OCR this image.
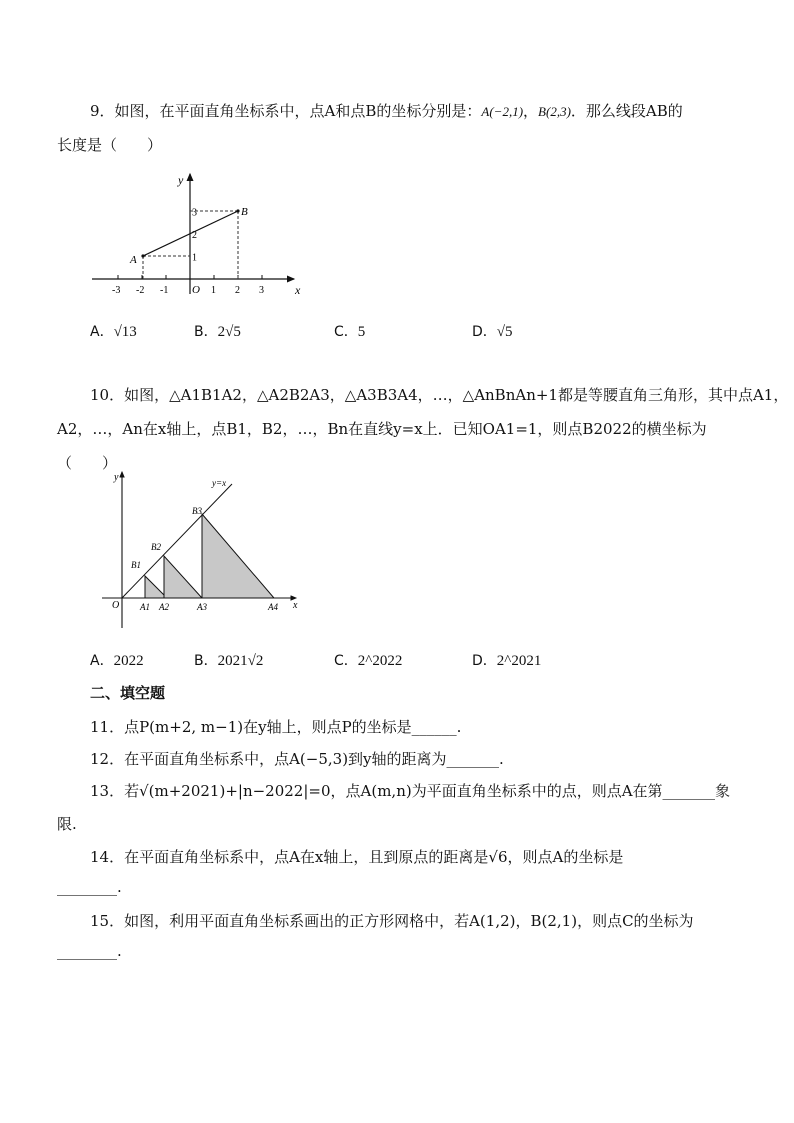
9．如图，在平面直角坐标系中，点A和点B的坐标分别是：A(−2,1)，B(2,3)．那么线段AB的
长度是（　　）
-3 -2 -1	1 2 3
1
2
3
A
B
y
x
O
A．√13	B．2√5	C．5	D．√5
10．如图，△A1B1A2，△A2B2A3，△A3B3A4，…，△AnBnAn+1都是等腰直角三角形，其中点A1，
A2，…，An在x轴上，点B1，B2，…，Bn在直线y=x上．已知OA1=1，则点B2022的横坐标为
（　　）
y=x
y
x
O
B1
B2
B3
A1 A2	A3	A4
A．2022	B．2021√2	C．2^2022	D．2^2021
二、填空题
11．点P(m+2, m−1)在y轴上，则点P的坐标是______.
12．在平面直角坐标系中，点A(−5,3)到y轴的距离为_______.
13．若√(m+2021)+|n−2022|=0，点A(m,n)为平面直角坐标系中的点，则点A在第_______象
限.
14．在平面直角坐标系中，点A在x轴上，且到原点的距离是√6，则点A的坐标是
________.
15．如图，利用平面直角坐标系画出的正方形网格中，若A(1,2)，B(2,1)，则点C的坐标为
________.
